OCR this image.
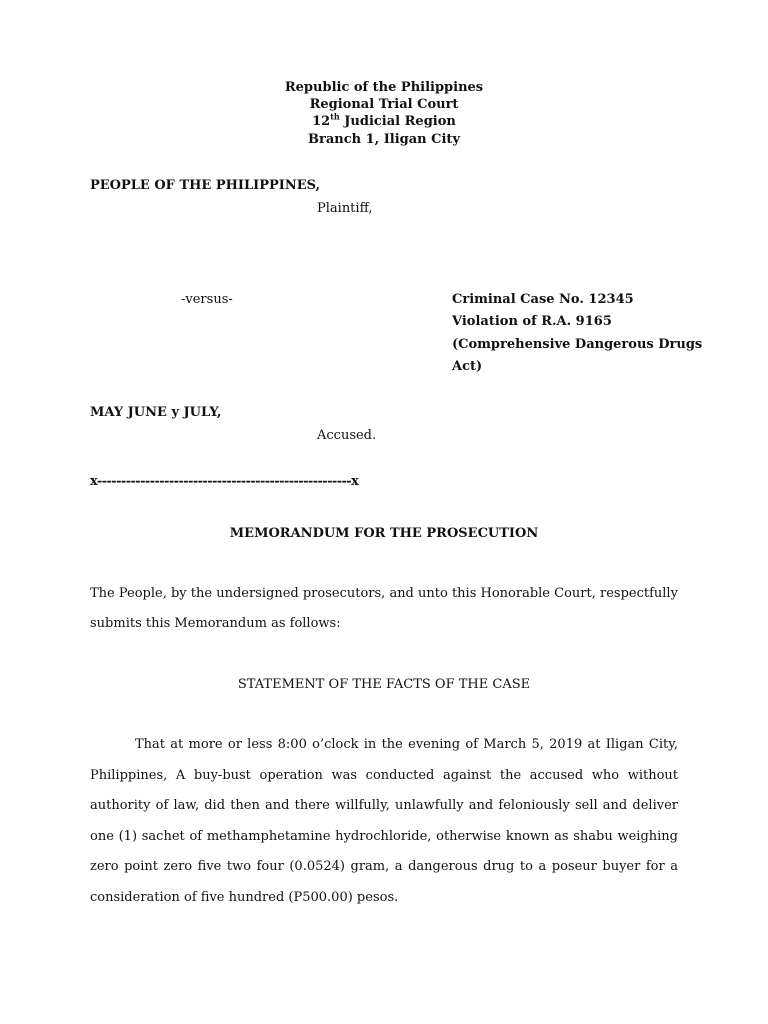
Republic of the Philippines
Regional Trial Court
12th Judicial Region
Branch 1, Iligan City
PEOPLE OF THE PHILIPPINES,
Plaintiff,
-versus-	Criminal Case No. 12345
Violation of R.A. 9165
(Comprehensive Dangerous Drugs
Act)
MAY JUNE y JULY,
Accused.
x-----------------------------------------------------x
MEMORANDUM FOR THE PROSECUTION
The People, by the undersigned prosecutors, and unto this Honorable Court, respectfully submits this Memorandum as follows:
STATEMENT OF THE FACTS OF THE CASE
That at more or less 8:00 o’clock in the evening of March 5, 2019 at Iligan City, Philippines, A buy-bust operation was conducted against the accused who without authority of law, did then and there willfully, unlawfully and feloniously sell and deliver one (1) sachet of methamphetamine hydrochloride, otherwise known as shabu weighing zero point zero five two four (0.0524) gram, a dangerous drug to a poseur buyer for a consideration of five hundred (P500.00) pesos.
